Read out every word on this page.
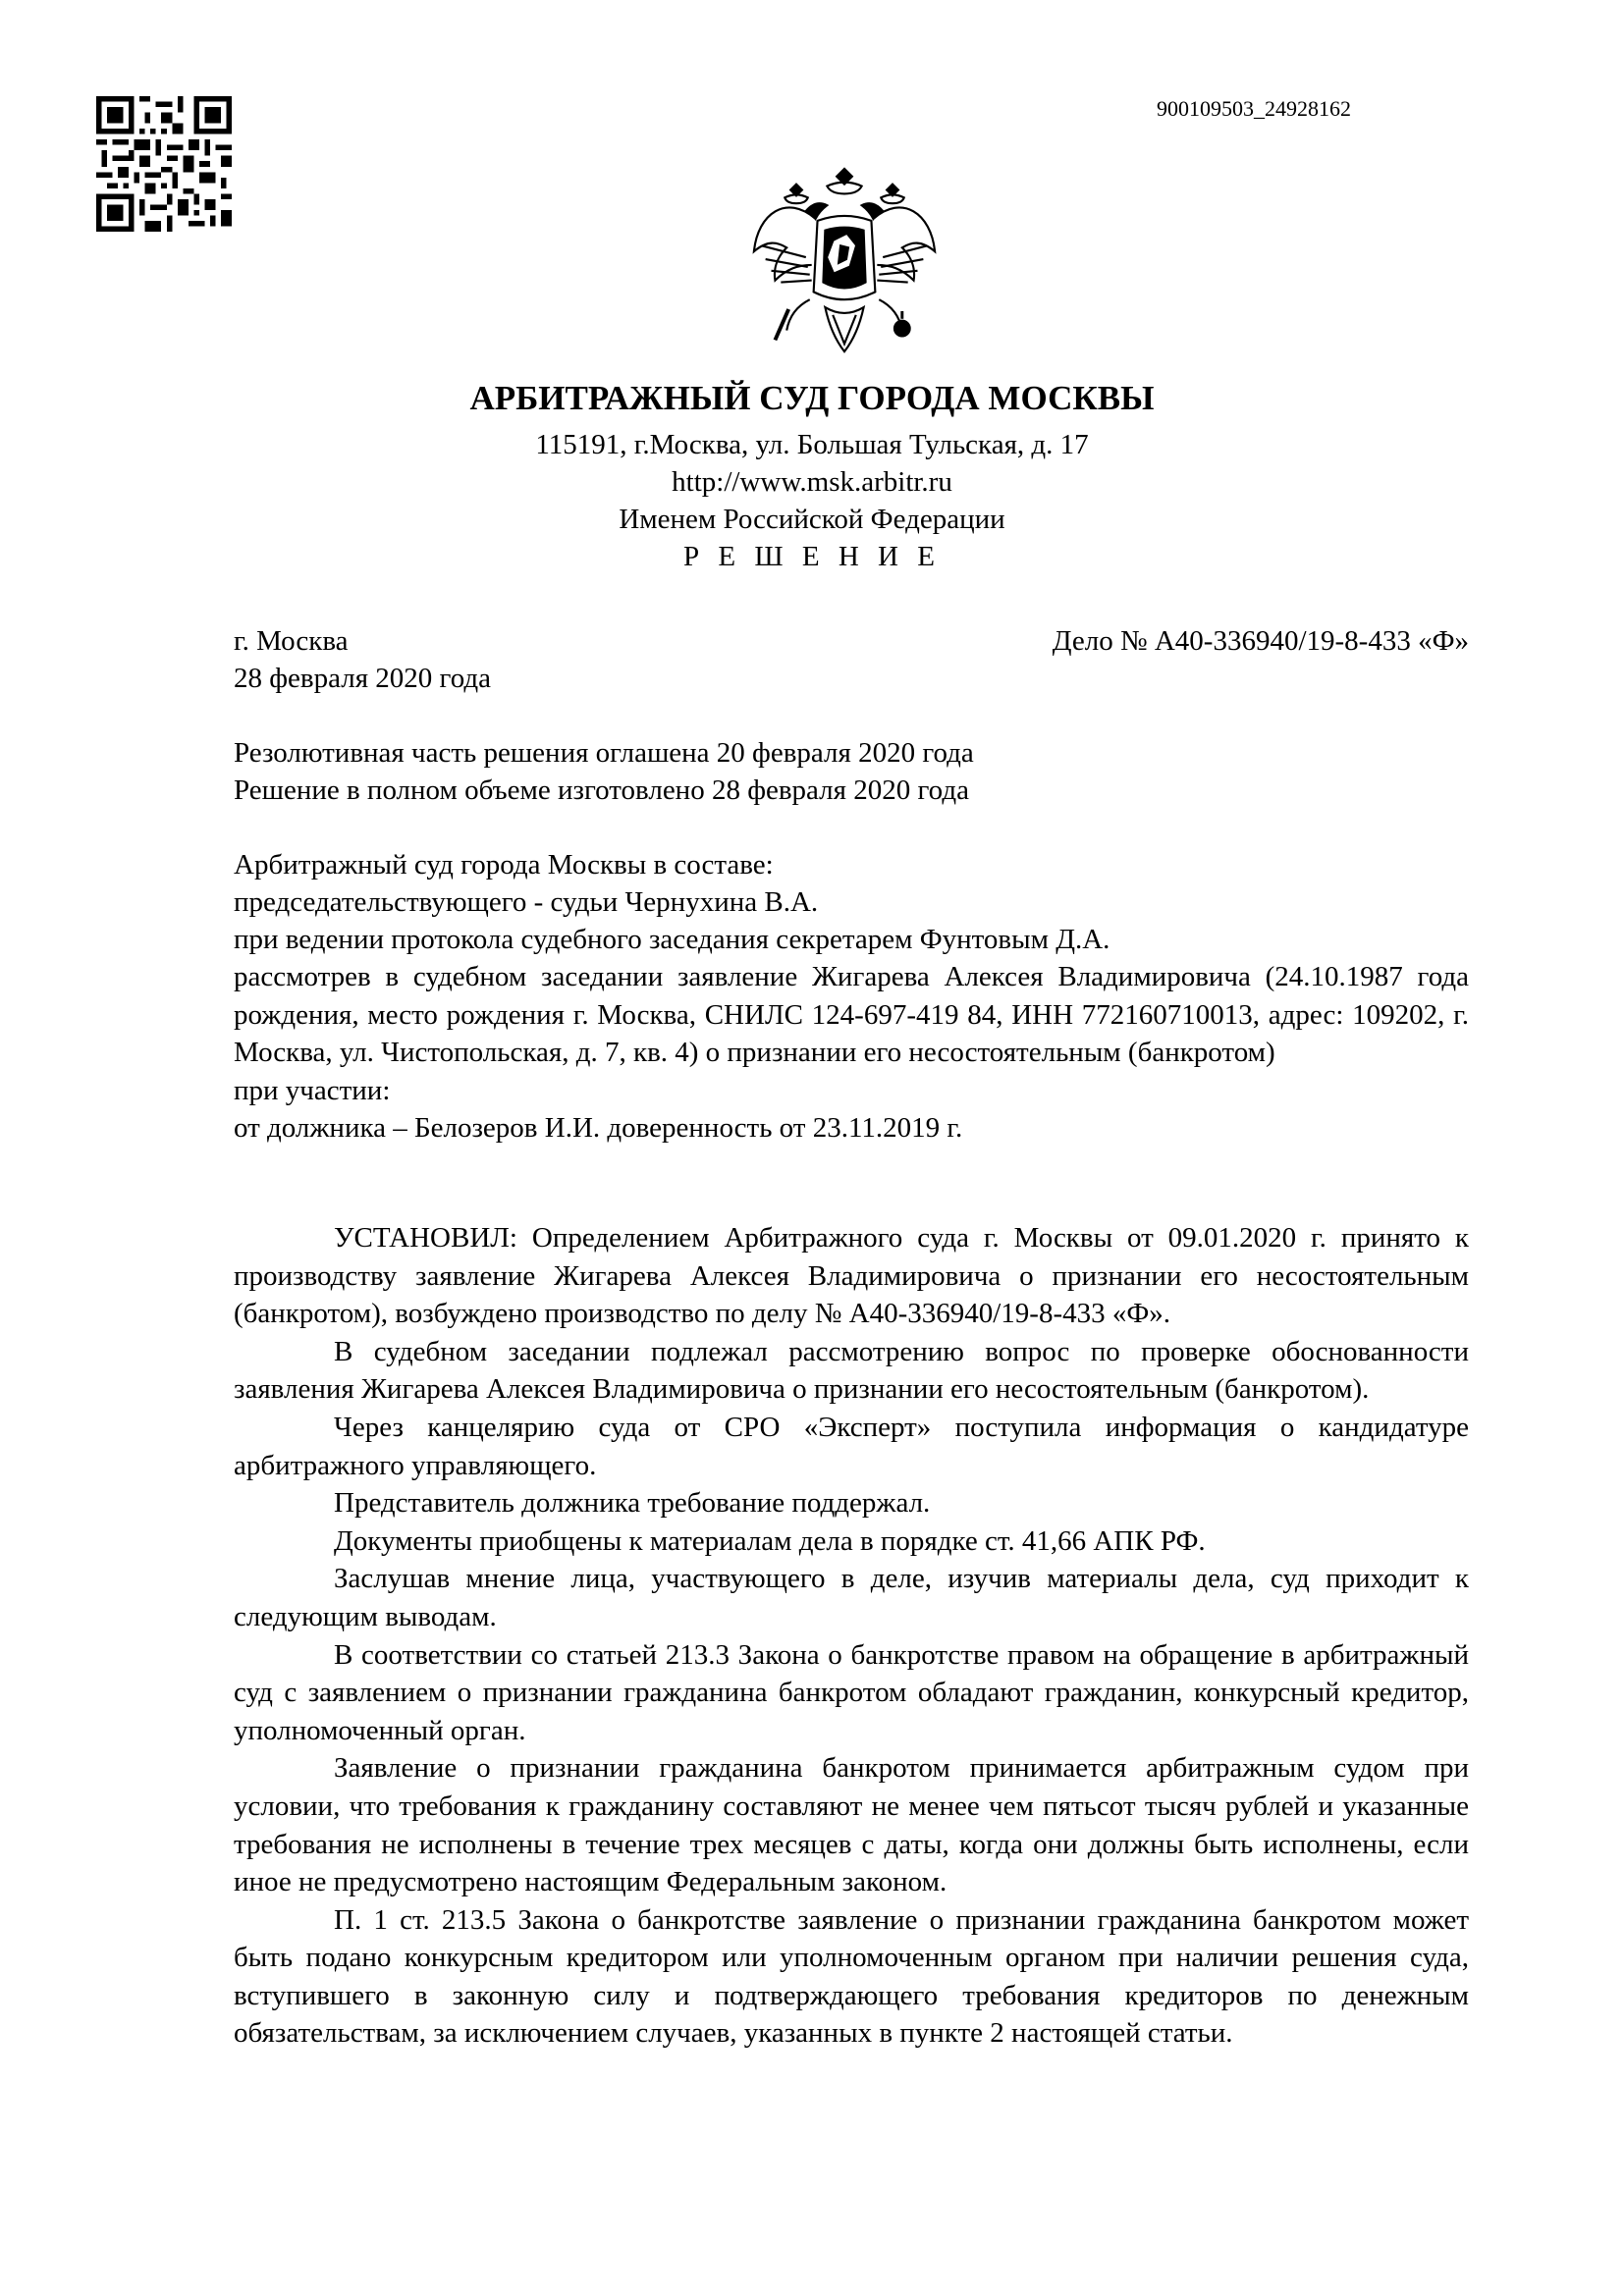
900109503_24928162
АРБИТРАЖНЫЙ СУД ГОРОДА МОСКВЫ
115191, г.Москва, ул. Большая Тульская, д. 17
http://www.msk.arbitr.ru
Именем Российской Федерации
Р Е Ш Е Н И Е
г. Москва	Дело № А40-336940/19-8-433 «Ф»
28 февраля 2020 года
Резолютивная часть решения оглашена 20 февраля 2020 года
Решение в полном объеме изготовлено 28 февраля 2020 года
Арбитражный суд города Москвы в составе:
председательствующего - судьи Чернухина В.А.
при ведении протокола судебного заседания секретарем Фунтовым Д.А.

рассмотрев в судебном заседании заявление Жигарева Алексея Владимировича (24.10.1987 года рождения, место рождения г. Москва, СНИЛС 124-697-419 84, ИНН 772160710013, адрес: 109202, г. Москва, ул. Чистопольская, д. 7, кв. 4) о признании его несостоятельным (банкротом)

при участии:

от должника – Белозеров И.И. доверенность от 23.11.2019 г.

УСТАНОВИЛ: Определением Арбитражного суда г. Москвы от 09.01.2020 г. принято к производству заявление Жигарева Алексея Владимировича о признании его несостоятельным (банкротом), возбуждено производство по делу № А40-336940/19-8-433 «Ф».

В судебном заседании подлежал рассмотрению вопрос по проверке обоснованности заявления Жигарева Алексея Владимировича о признании его несостоятельным (банкротом).

Через канцелярию суда от СРО «Эксперт» поступила информация о кандидатуре арбитражного управляющего.

Представитель должника требование поддержал.

Документы приобщены к материалам дела в порядке ст. 41,66 АПК РФ.

Заслушав мнение лица, участвующего в деле, изучив материалы дела, суд приходит к следующим выводам.

В соответствии со статьей 213.3 Закона о банкротстве правом на обращение в арбитражный суд с заявлением о признании гражданина банкротом обладают гражданин, конкурсный кредитор, уполномоченный орган.

Заявление о признании гражданина банкротом принимается арбитражным судом при условии, что требования к гражданину составляют не менее чем пятьсот тысяч рублей и указанные требования не исполнены в течение трех месяцев с даты, когда они должны быть исполнены, если иное не предусмотрено настоящим Федеральным законом.

П. 1 ст. 213.5 Закона о банкротстве заявление о признании гражданина банкротом может быть подано конкурсным кредитором или уполномоченным органом при наличии решения суда, вступившего в законную силу и подтверждающего требования кредиторов по денежным обязательствам, за исключением случаев, указанных в пункте 2 настоящей статьи.
